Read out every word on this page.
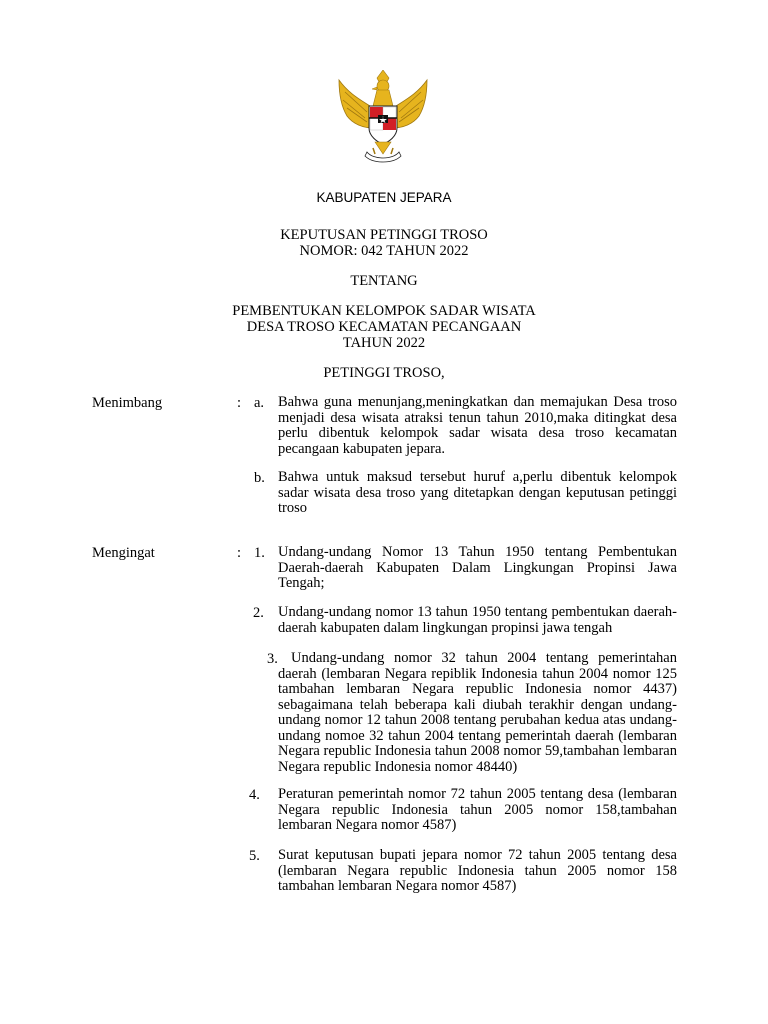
KABUPATEN JEPARA
KEPUTUSAN PETINGGI TROSO
NOMOR: 042 TAHUN 2022
TENTANG
PEMBENTUKAN KELOMPOK SADAR WISATA
DESA TROSO KECAMATAN PECANGAAN
TAHUN 2022
PETINGGI TROSO,
Menimbang	: a. Bahwa guna menunjang,meningkatkan dan memajukan Desa troso menjadi desa wisata atraksi tenun tahun 2010,maka ditingkat desa perlu dibentuk kelompok sadar wisata desa troso kecamatan pecangaan kabupaten jepara.
b. Bahwa untuk maksud tersebut huruf a,perlu dibentuk kelompok sadar wisata desa troso yang ditetapkan dengan keputusan petinggi troso
Mengingat	: 1. Undang-undang Nomor 13 Tahun 1950 tentang Pembentukan Daerah-daerah Kabupaten Dalam Lingkungan Propinsi Jawa Tengah;
2. Undang-undang nomor 13 tahun 1950 tentang pembentukan daerah-daerah kabupaten dalam lingkungan propinsi jawa tengah
3. Undang-undang nomor 32 tahun 2004 tentang pemerintahan daerah (lembaran Negara repiblik Indonesia tahun 2004 nomor 125 tambahan lembaran Negara republic Indonesia nomor 4437) sebagaimana telah beberapa kali diubah terakhir dengan undang-undang nomor 12 tahun 2008 tentang perubahan kedua atas undang-undang nomoe 32 tahun 2004 tentang pemerintah daerah (lembaran Negara republic Indonesia tahun 2008 nomor 59,tambahan lembaran Negara republic Indonesia nomor 48440)
4. Peraturan pemerintah nomor 72 tahun 2005 tentang desa (lembaran Negara republic Indonesia tahun 2005 nomor 158,tambahan lembaran Negara nomor 4587)
5. Surat keputusan bupati jepara nomor 72 tahun 2005 tentang desa (lembaran Negara republic Indonesia tahun 2005 nomor 158 tambahan lembaran Negara nomor 4587)
